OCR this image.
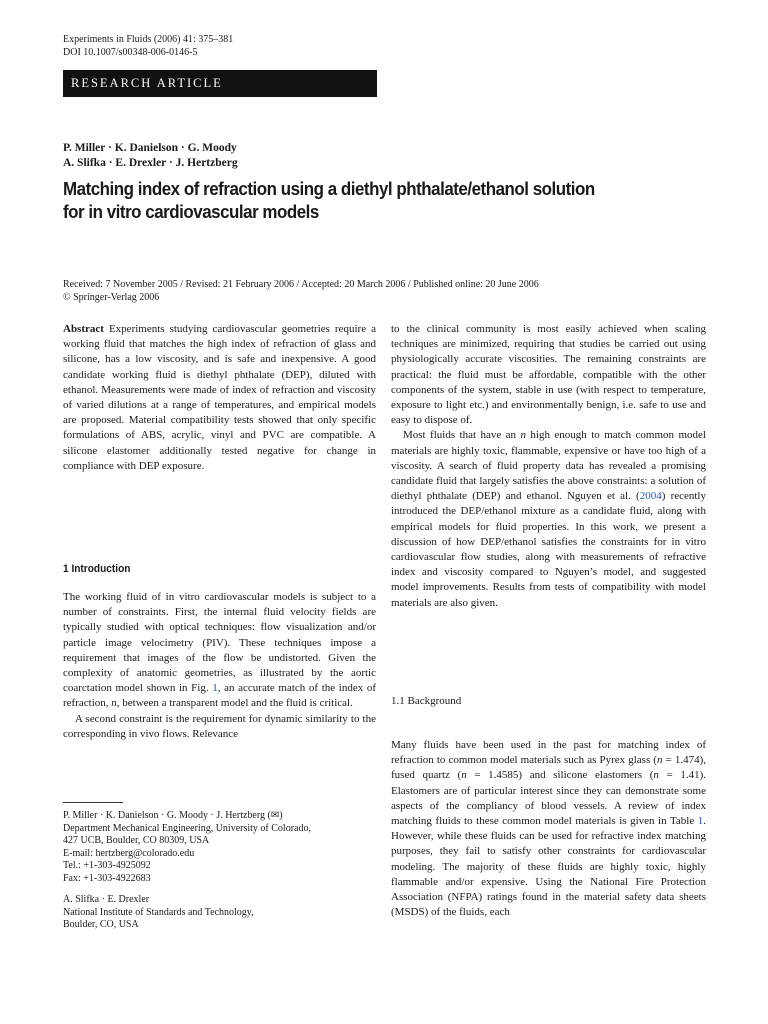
Experiments in Fluids (2006) 41: 375–381
DOI 10.1007/s00348-006-0146-5
RESEARCH ARTICLE
P. Miller · K. Danielson · G. Moody
A. Slifka · E. Drexler · J. Hertzberg
Matching index of refraction using a diethyl phthalate/ethanol solution
for in vitro cardiovascular models
Received: 7 November 2005 / Revised: 21 February 2006 / Accepted: 20 March 2006 / Published online: 20 June 2006
© Springer-Verlag 2006

Abstract Experiments studying cardiovascular geometries require a working fluid that matches the high index of refraction of glass and silicone, has a low viscosity, and is safe and inexpensive. A good candidate working fluid is diethyl phthalate (DEP), diluted with ethanol. Measurements were made of index of refraction and viscosity of varied dilutions at a range of temperatures, and empirical models are proposed. Material compatibility tests showed that only specific formulations of ABS, acrylic, vinyl and PVC are compatible. A silicone elastomer additionally tested negative for change in compliance with DEP exposure.

1 Introduction

The working fluid of in vitro cardiovascular models is subject to a number of constraints. First, the internal fluid velocity fields are typically studied with optical techniques: flow visualization and/or particle image velocimetry (PIV). These techniques impose a requirement that images of the flow be undistorted. Given the complexity of anatomic geometries, as illustrated by the aortic coarctation model shown in Fig. 1, an accurate match of the index of refraction, n, between a transparent model and the fluid is critical.

A second constraint is the requirement for dynamic similarity to the corresponding in vivo flows. Relevance

to the clinical community is most easily achieved when scaling techniques are minimized, requiring that studies be carried out using physiologically accurate viscosities. The remaining constraints are practical: the fluid must be affordable, compatible with the other components of the system, stable in use (with respect to temperature, exposure to light etc.) and environmentally benign, i.e. safe to use and easy to dispose of.

Most fluids that have an n high enough to match common model materials are highly toxic, flammable, expensive or have too high of a viscosity. A search of fluid property data has revealed a promising candidate fluid that largely satisfies the above constraints: a solution of diethyl phthalate (DEP) and ethanol. Nguyen et al. (2004) recently introduced the DEP/ethanol mixture as a candidate fluid, along with empirical models for fluid properties. In this work, we present a discussion of how DEP/ethanol satisfies the constraints for in vitro cardiovascular flow studies, along with measurements of refractive index and viscosity compared to Nguyen’s model, and suggested model improvements. Results from tests of compatibility with model materials are also given.

1.1 Background

Many fluids have been used in the past for matching index of refraction to common model materials such as Pyrex glass (n = 1.474), fused quartz (n = 1.4585) and silicone elastomers (n = 1.41). Elastomers are of particular interest since they can demonstrate some aspects of the compliancy of blood vessels. A review of index matching fluids to these common model materials is given in Table 1. However, while these fluids can be used for refractive index matching purposes, they fail to satisfy other constraints for cardiovascular modeling. The majority of these fluids are highly toxic, highly flammable and/or expensive. Using the National Fire Protection Association (NFPA) ratings found in the material safety data sheets (MSDS) of the fluids, each

P. Miller · K. Danielson · G. Moody · J. Hertzberg (✉)
Department Mechanical Engineering, University of Colorado,
427 UCB, Boulder, CO 80309, USA
E-mail: hertzberg@colorado.edu
Tel.: +1-303-4925092
Fax: +1-303-4922683
A. Slifka · E. Drexler
National Institute of Standards and Technology,
Boulder, CO, USA
